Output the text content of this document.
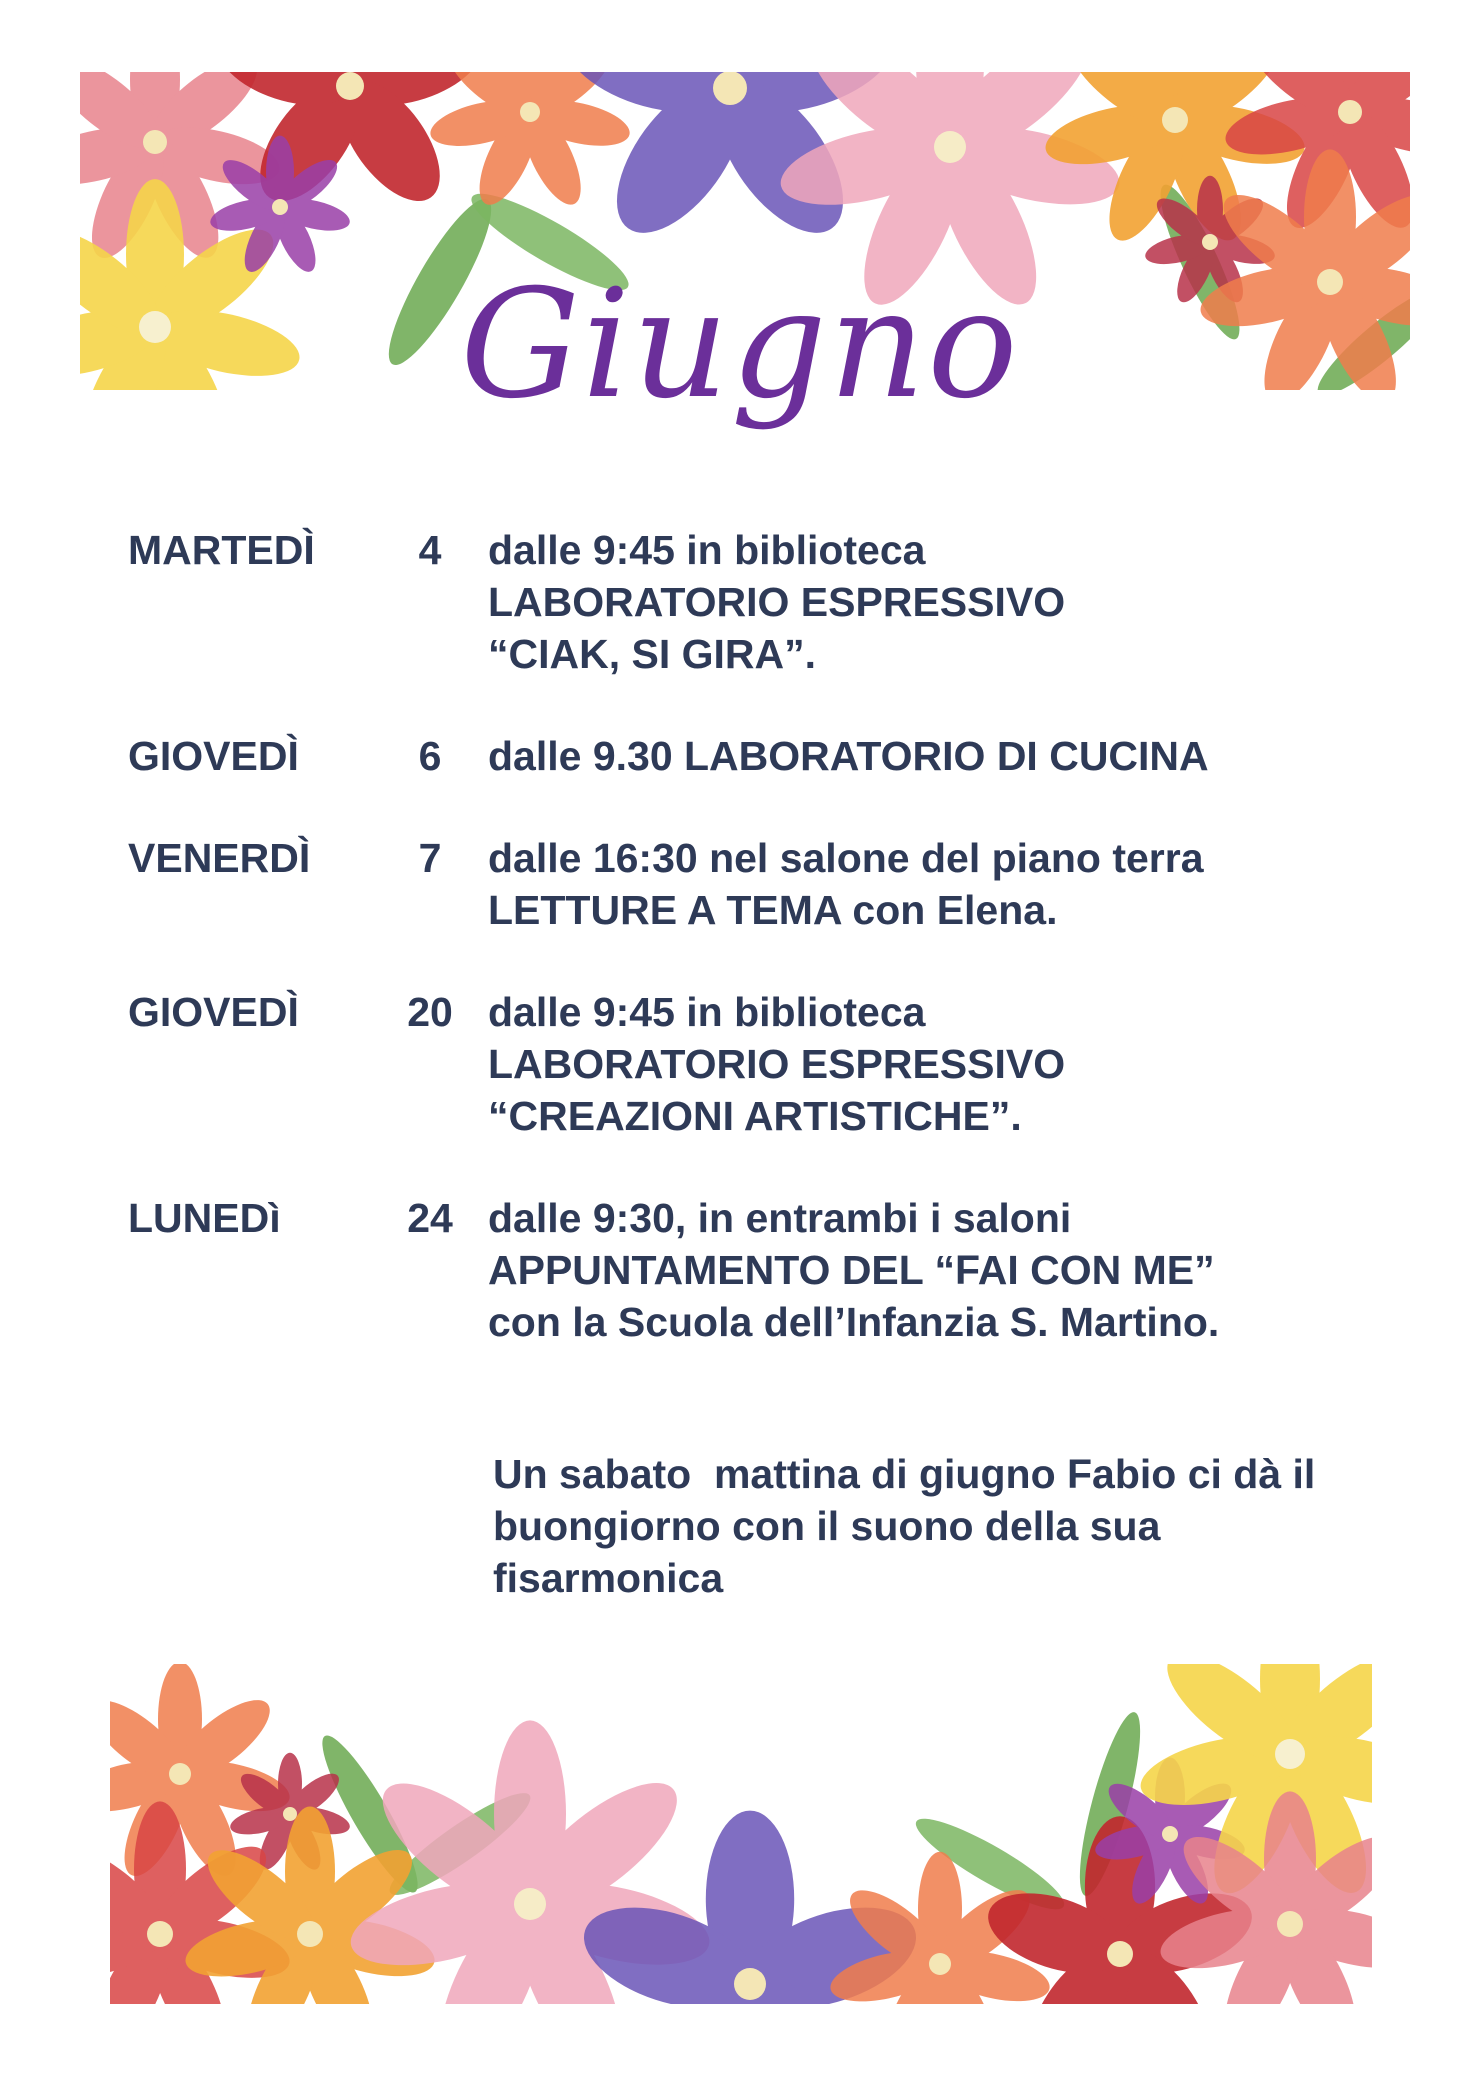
Giugno
MARTEDÌ	4	dalle 9:45 in biblioteca
LABORATORIO ESPRESSIVO
“CIAK, SI GIRA”.
GIOVEDÌ	6	dalle 9.30 LABORATORIO DI CUCINA
VENERDÌ	7	dalle 16:30 nel salone del piano terra
LETTURE A TEMA con Elena.
GIOVEDÌ	20 dalle 9:45 in biblioteca
LABORATORIO ESPRESSIVO
“CREAZIONI ARTISTICHE”.
LUNEDì	24 dalle 9:30, in entrambi i saloni
APPUNTAMENTO DEL “FAI CON ME”
con la Scuola dell’Infanzia S. Martino.
Un sabato  mattina di giugno Fabio ci dà il
buongiorno con il suono della sua
fisarmonica
